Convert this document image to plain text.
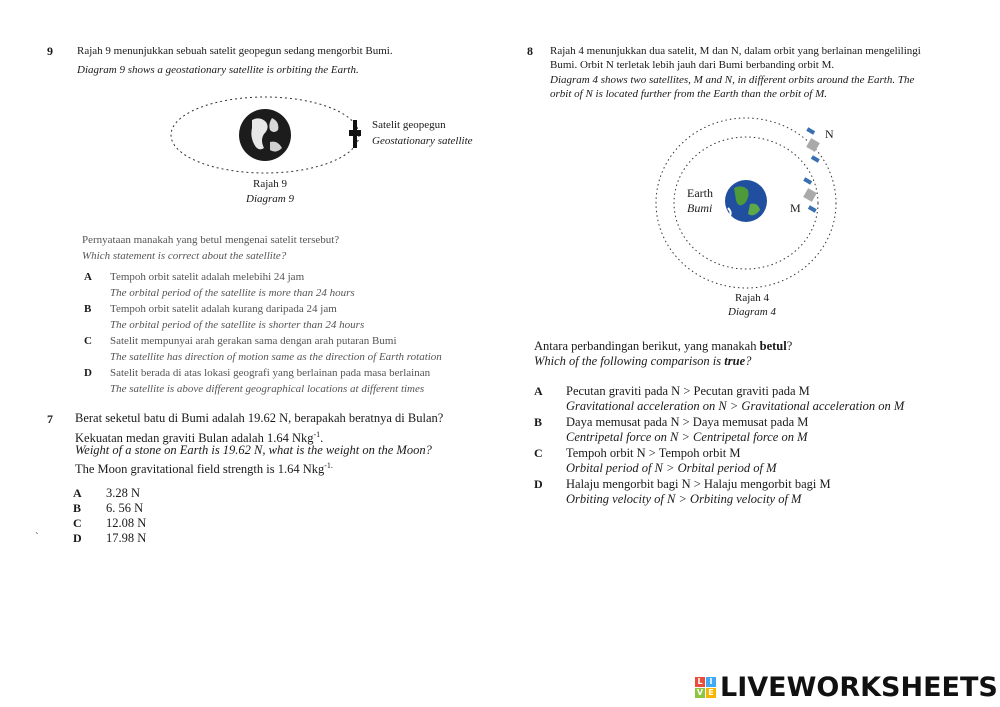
9 Rajah 9 menunjukkan sebuah satelit geopegun sedang mengorbit Bumi.
Diagram 9 shows a geostationary satellite is orbiting the Earth.
Satelit geopegun
Geostationary satellite
Rajah 9
Diagram 9
Pernyataan manakah yang betul mengenai satelit tersebut?
Which statement is correct about the satellite?
A Tempoh orbit satelit adalah melebihi 24 jam
The orbital period of the satellite is more than 24 hours
B Tempoh orbit satelit adalah kurang daripada 24 jam
The orbital period of the satellite is shorter than 24 hours
C Satelit mempunyai arah gerakan sama dengan arah putaran Bumi
The satellite has direction of motion same as the direction of Earth rotation
D Satelit berada di atas lokasi geografi yang berlainan pada masa berlainan
The satellite is above different geographical locations at different times
7 Berat seketul batu di Bumi adalah 19.62 N, berapakah beratnya di Bulan?
Kekuatan medan graviti Bulan adalah 1.64 Nkg$^{-1}$.
Weight of a stone on Earth is 19.62 N, what is the weight on the Moon?
The Moon gravitational field strength is 1.64 Nkg$^{-1.}$
`
A 3.28 N
B 6. 56 N
C 12.08 N
D 17.98 N
8 Rajah 4 menunjukkan dua satelit, M dan N, dalam orbit yang berlainan mengelilingi
Bumi. Orbit N terletak lebih jauh dari Bumi berbanding orbit M.
Diagram 4 shows two satellites, M and N, in different orbits around the Earth. The
orbit of N is located further from the Earth than the orbit of M.
N
M
Earth
Bumi
Rajah 4
Diagram 4
Antara perbandingan berikut, yang manakah betul?
Which of the following comparison is true?
A Pecutan graviti pada N > Pecutan graviti pada M
Gravitational acceleration on N > Gravitational acceleration on M
B Daya memusat pada N > Daya memusat pada M
Centripetal force on N > Centripetal force on M
C Tempoh orbit N > Tempoh orbit M
Orbital period of N > Orbital period of M
D Halaju mengorbit bagi N > Halaju mengorbit bagi M
Orbiting velocity of N > Orbiting velocity of M
L I
V E LIVEWORKSHEETS
